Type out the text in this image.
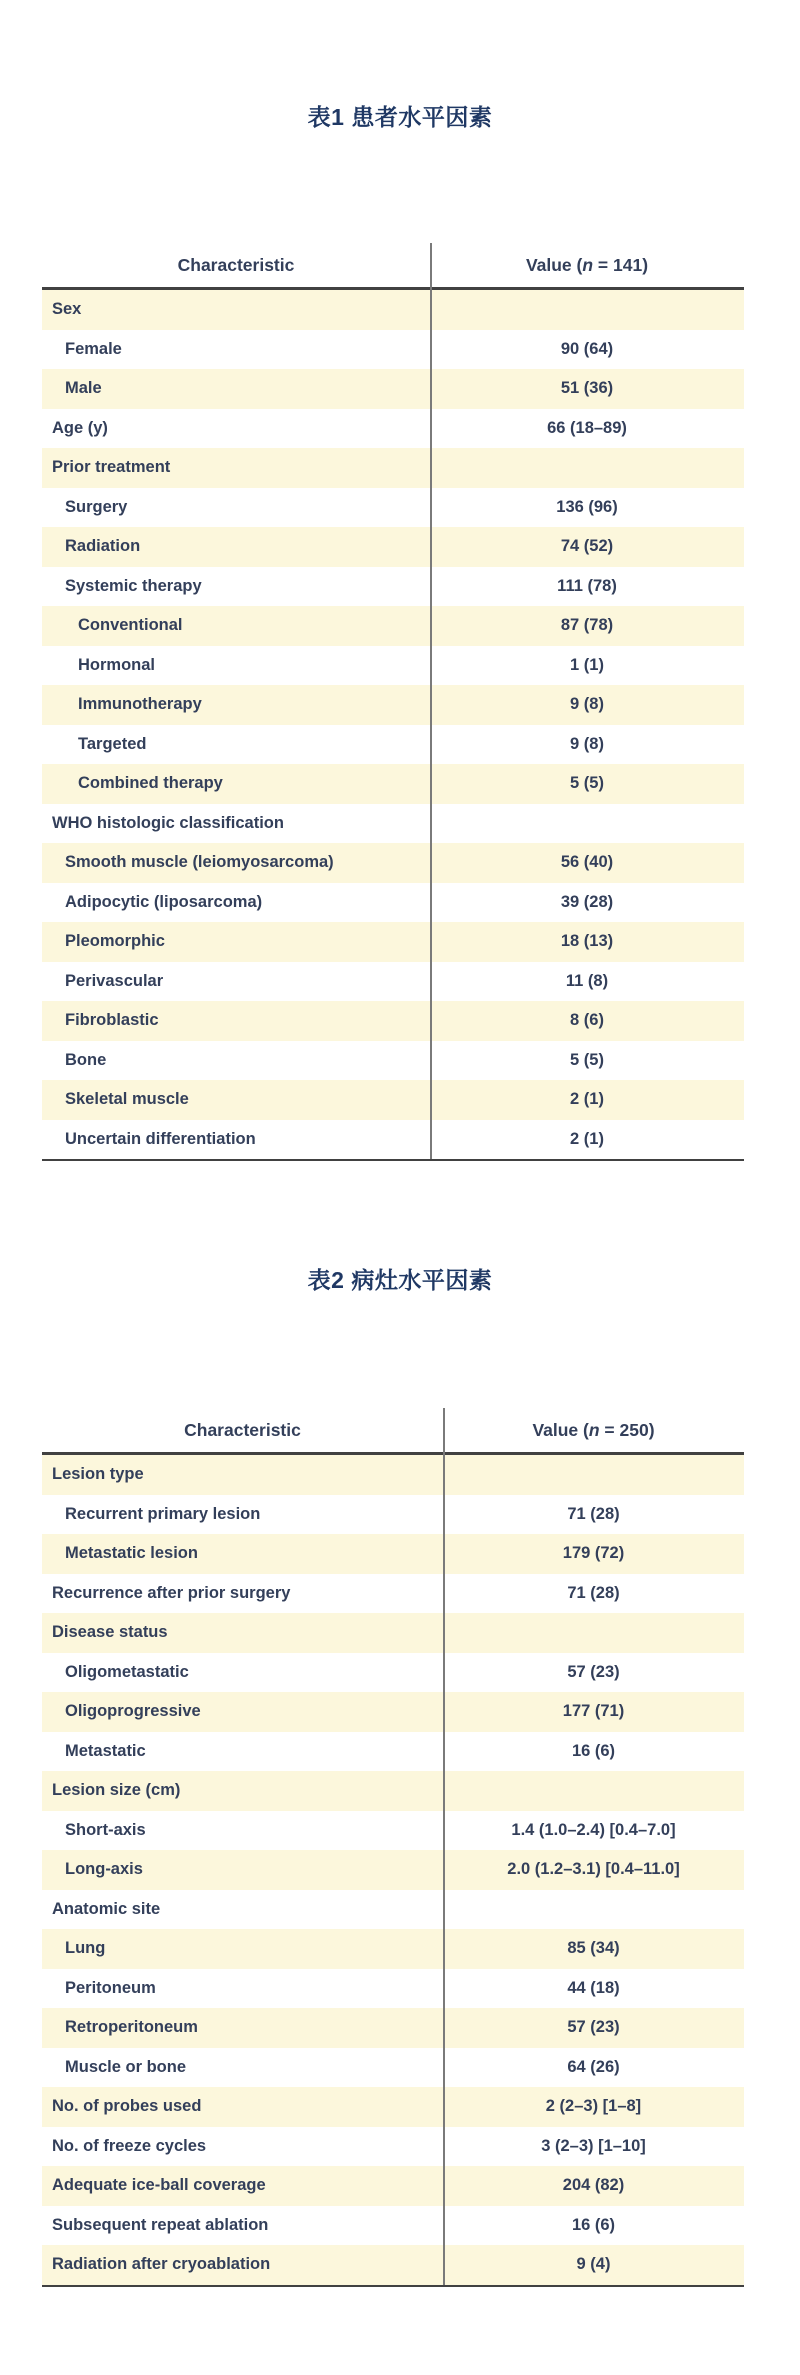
表1 患者水平因素
Characteristic	Value (n = 141)
Sex
Female	90 (64)
Male	51 (36)
Age (y)	66 (18–89)
Prior treatment
Surgery	136 (96)
Radiation	74 (52)
Systemic therapy	111 (78)
Conventional	87 (78)
Hormonal	1 (1)
Immunotherapy	9 (8)
Targeted	9 (8)
Combined therapy	5 (5)
WHO histologic classification
Smooth muscle (leiomyosarcoma)	56 (40)
Adipocytic (liposarcoma)	39 (28)
Pleomorphic	18 (13)
Perivascular	11 (8)
Fibroblastic	8 (6)
Bone	5 (5)
Skeletal muscle	2 (1)
Uncertain differentiation	2 (1)
表2 病灶水平因素
Characteristic	Value (n = 250)
Lesion type
Recurrent primary lesion	71 (28)
Metastatic lesion	179 (72)
Recurrence after prior surgery	71 (28)
Disease status
Oligometastatic	57 (23)
Oligoprogressive	177 (71)
Metastatic	16 (6)
Lesion size (cm)
Short-axis	1.4 (1.0–2.4) [0.4–7.0]
Long-axis	2.0 (1.2–3.1) [0.4–11.0]
Anatomic site
Lung	85 (34)
Peritoneum	44 (18)
Retroperitoneum	57 (23)
Muscle or bone	64 (26)
No. of probes used	2 (2–3) [1–8]
No. of freeze cycles	3 (2–3) [1–10]
Adequate ice-ball coverage	204 (82)
Subsequent repeat ablation	16 (6)
Radiation after cryoablation	9 (4)
